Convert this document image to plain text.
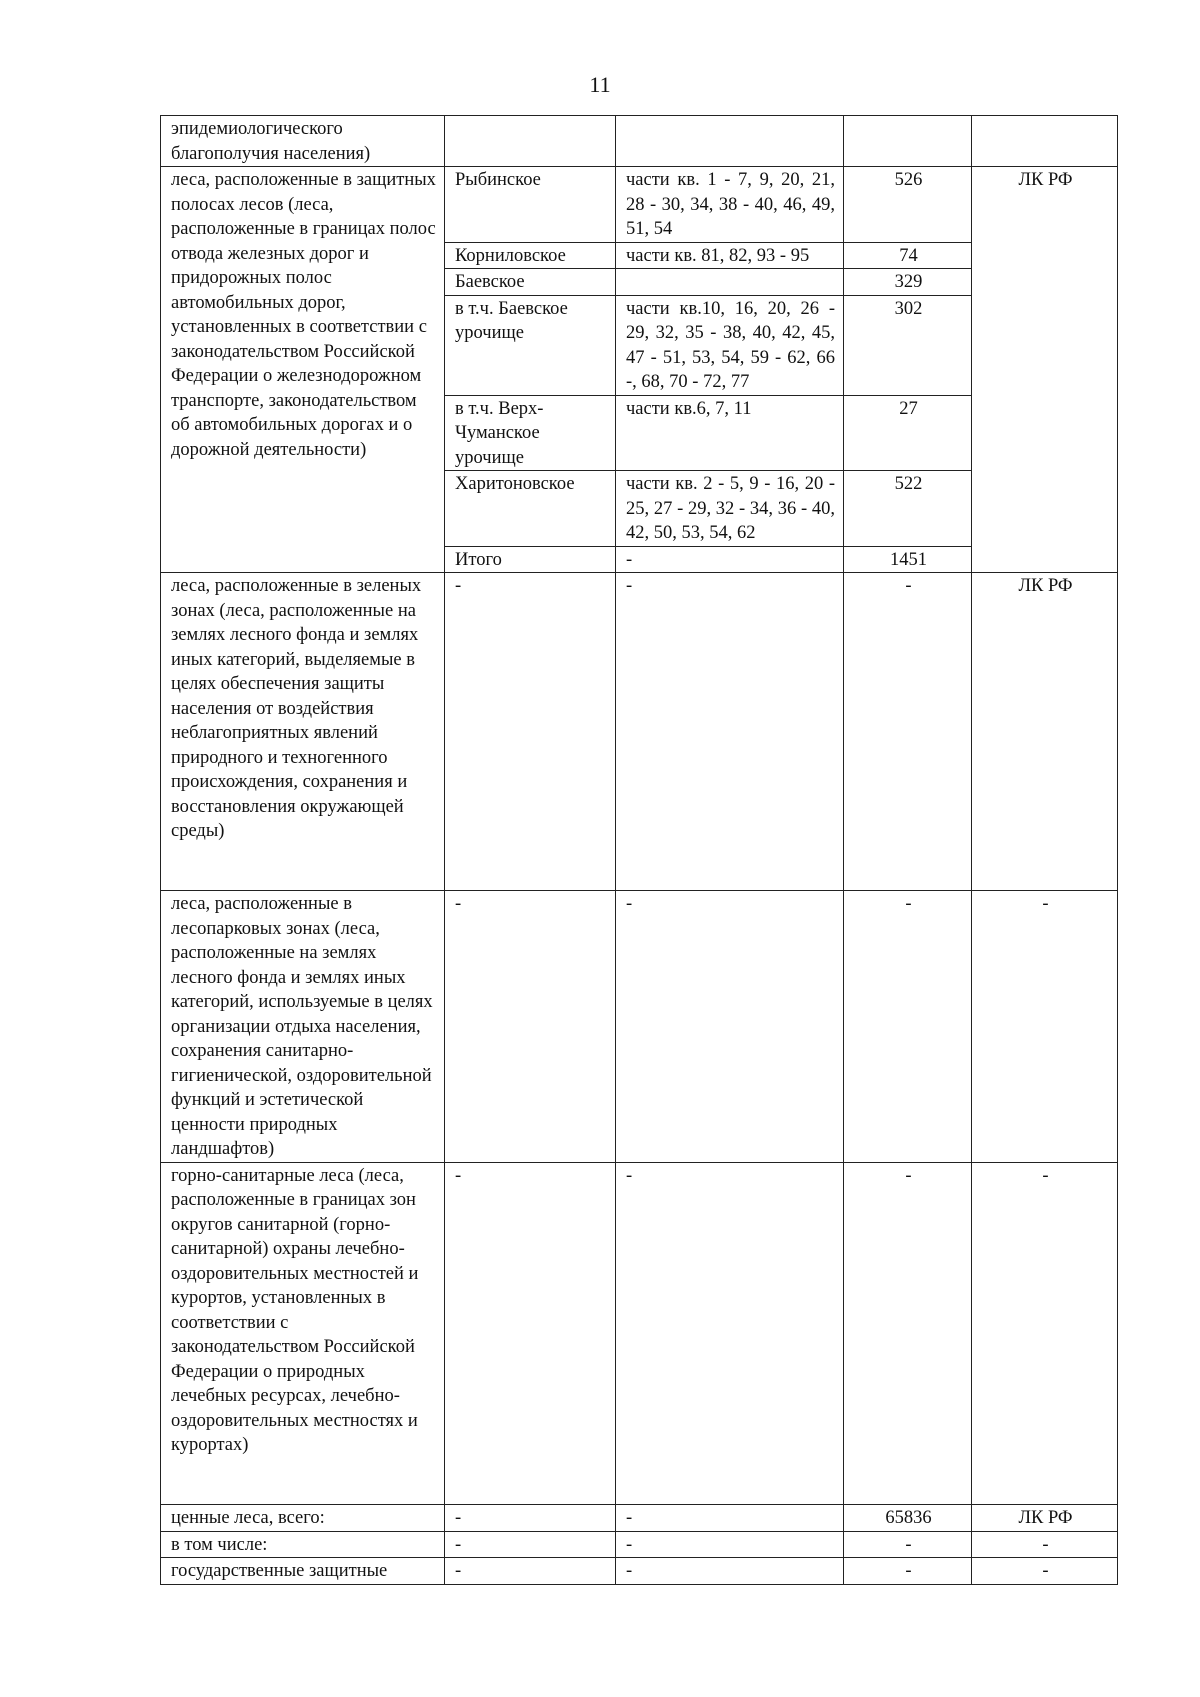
11
эпидемиологического благополучия населения)				

леса, расположенные в защитных полосах лесов (леса, расположенные в границах полос отвода железных дорог и придорожных полос автомобильных дорог, установленных в соответствии с законодательством Российской Федерации о железнодорожном транспорте, законодательством об автомобильных дорогах и о дорожной деятельности)	Рыбинское	части кв. 1 - 7, 9, 20, 21, 28 - 30, 34, 38 - 40, 46, 49, 51, 54	526	ЛК РФ
	Корниловское	части кв. 81, 82, 93 - 95	74	
	Баевское		329	
	в т.ч. Баевское урочище	части кв.10, 16, 20, 26 - 29, 32, 35 - 38, 40, 42, 45, 47 - 51, 53, 54, 59 - 62, 66 -, 68, 70 - 72, 77	302	
	в т.ч. Верх-Чуманское урочище	части кв.6, 7, 11	27	
	Харитоновское	части кв. 2 - 5, 9 - 16, 20 - 25, 27 - 29, 32 - 34, 36 - 40, 42, 50, 53, 54, 62	522	
	Итого	-	1451	

леса, расположенные в зеленых зонах (леса, расположенные на землях лесного фонда и землях иных категорий, выделяемые в целях обеспечения защиты населения от воздействия неблагоприятных явлений природного и техногенного происхождения, сохранения и восстановления окружающей среды)	-	-	-	ЛК РФ

леса, расположенные в лесопарковых зонах (леса, расположенные на землях лесного фонда и землях иных категорий, используемые в целях организации отдыха населения, сохранения санитарно-гигиенической, оздоровительной функций и эстетической ценности природных ландшафтов)	-	-	-	-

горно-санитарные леса (леса, расположенные в границах зон округов санитарной (горно-санитарной) охраны лечебно-оздоровительных местностей и курортов, установленных в соответствии с законодательством Российской Федерации о природных лечебных ресурсах, лечебно-оздоровительных местностях и курортах)	-	-	-	-

ценные леса, всего:	-	-	65836	ЛК РФ

в том числе:	-	-	-	-

государственные защитные	-	-	-	-
